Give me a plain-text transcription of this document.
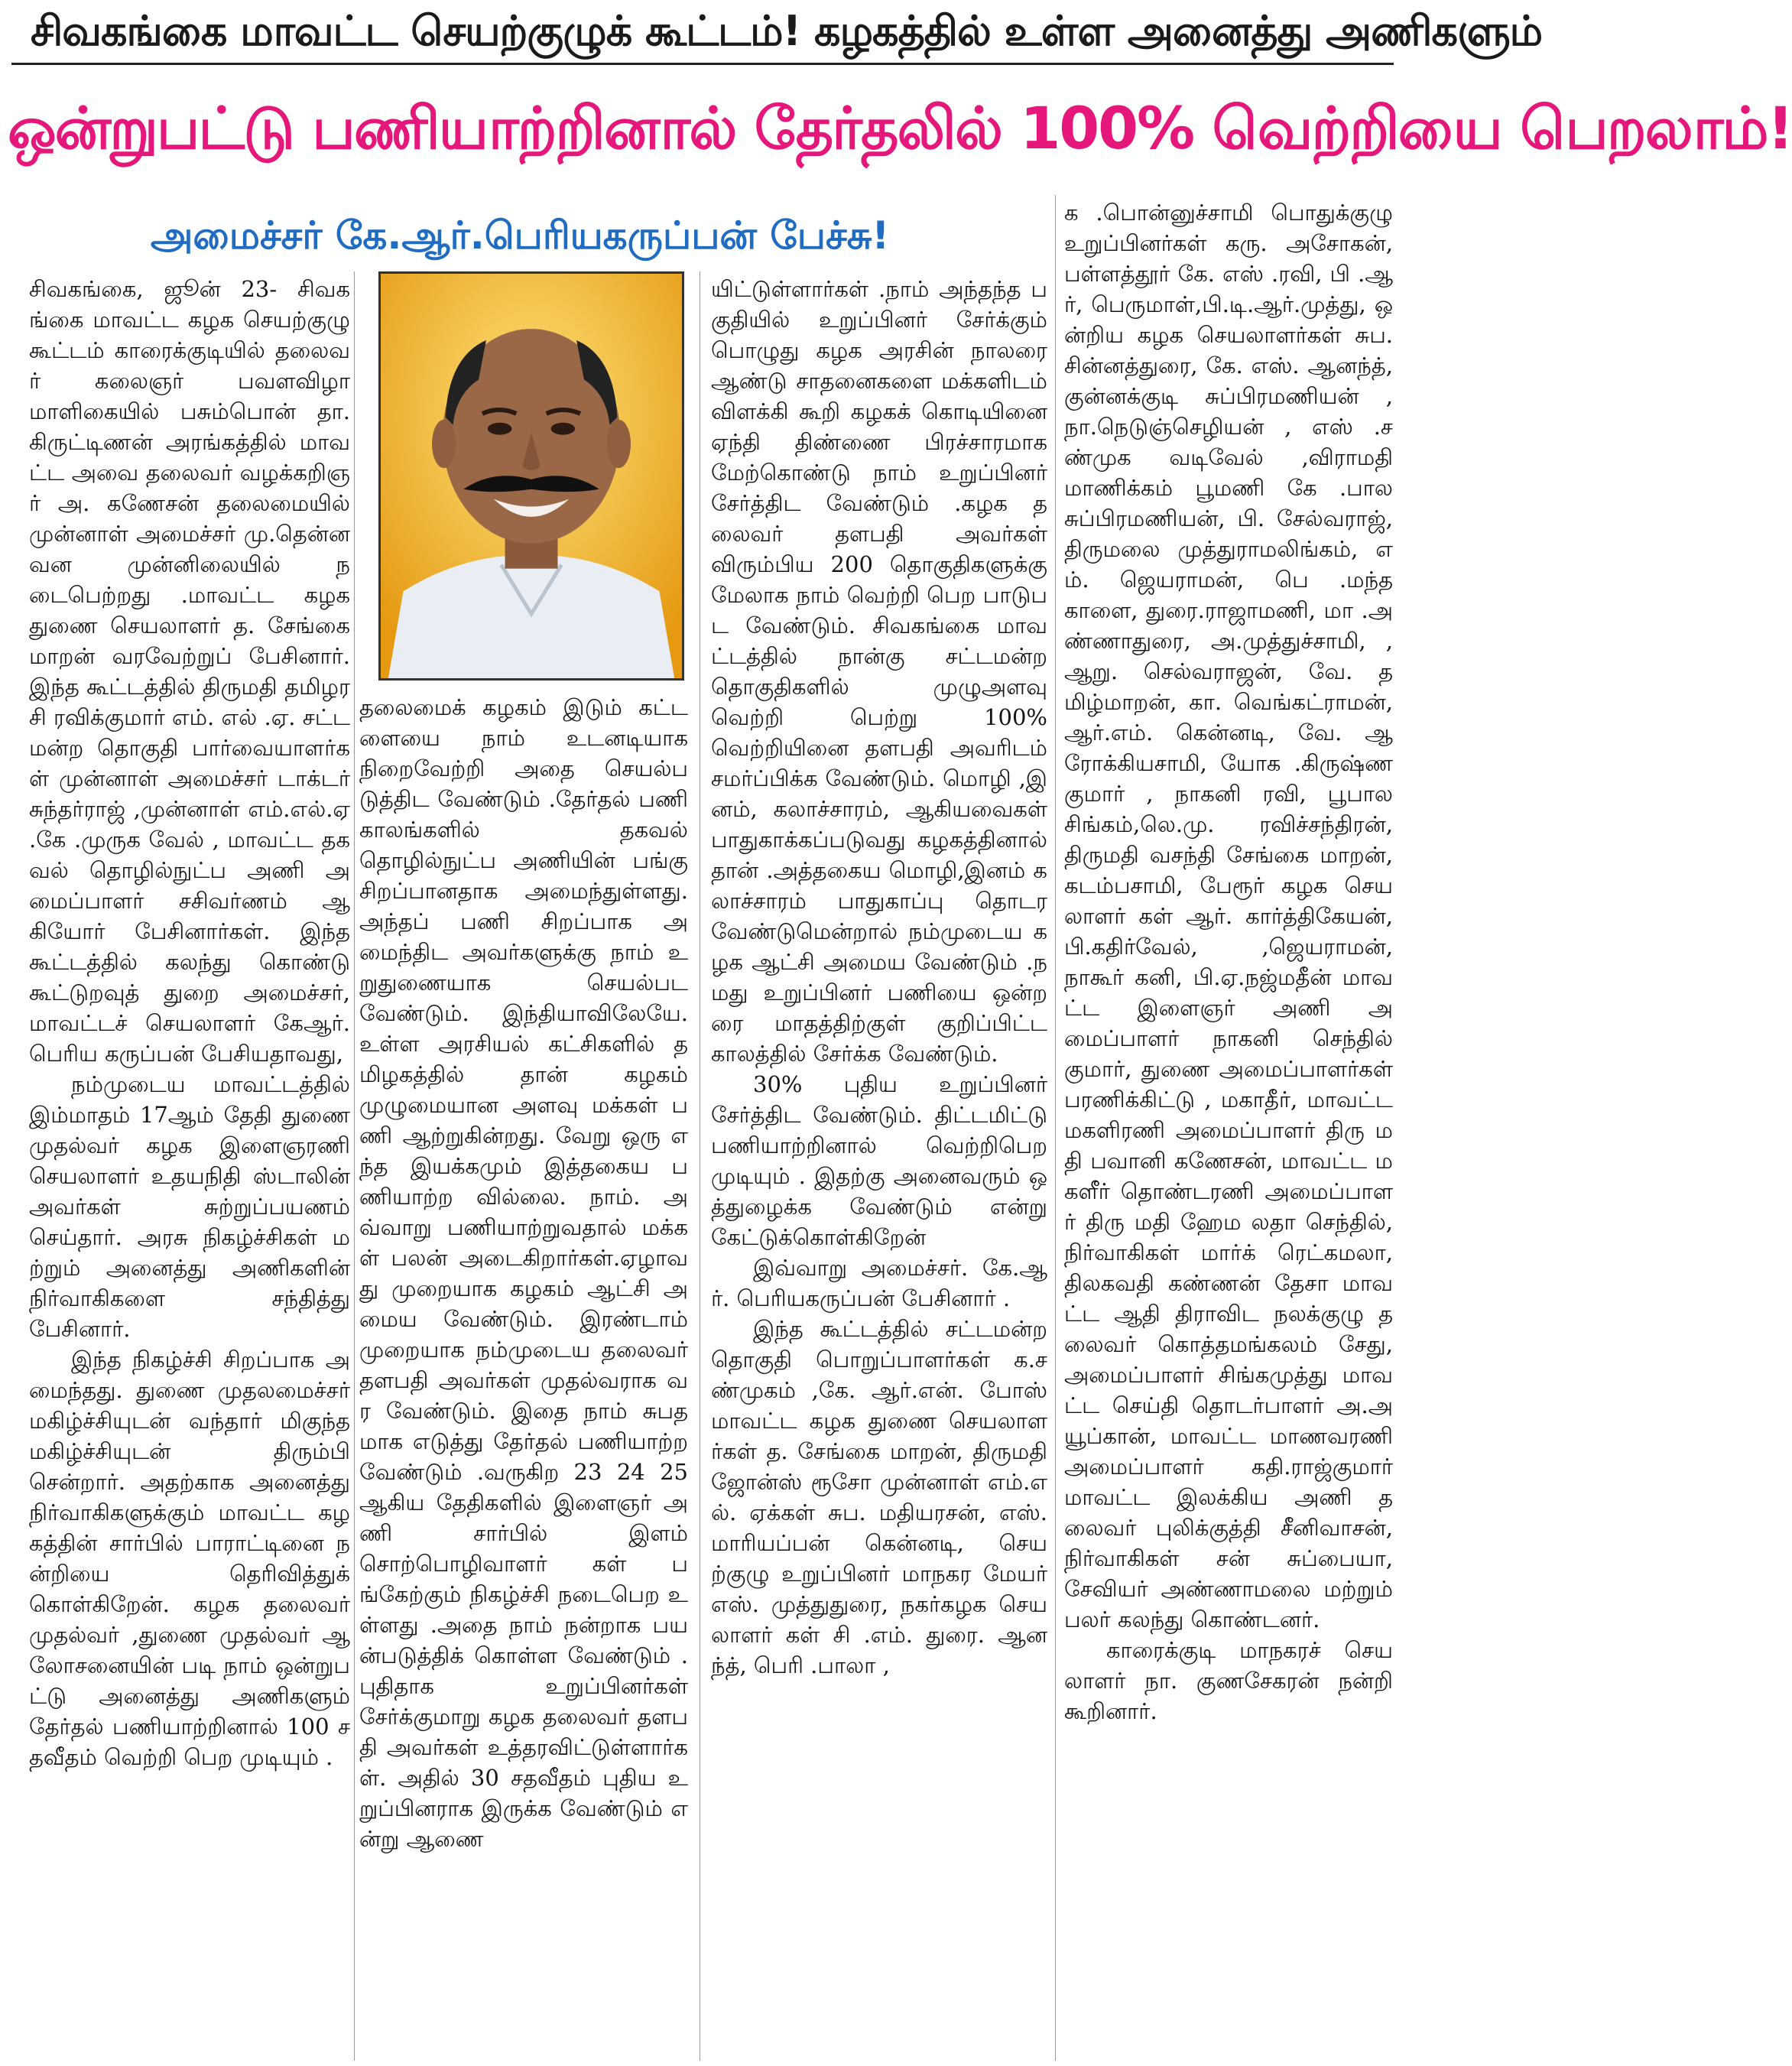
சிவகங்கை மாவட்ட செயற்குழுக் கூட்டம்! கழகத்தில் உள்ள அனைத்து அணிகளும்
ஒன்றுபட்டு பணியாற்றினால் தேர்தலில் 100% வெற்றியை பெறலாம்!
அமைச்சர் கே.ஆர்.பெரியகருப்பன் பேச்சு!

சிவகங்கை, ஜூன் 23- சிவகங்கை மாவட்ட கழக செயற்குழு கூட்டம் காரைக்குடியில் தலைவர் கலைஞர் பவளவிழா மாளிகையில் பசும்பொன் தா. கிருட்டிணன் அரங்கத்தில் மாவட்ட அவை தலைவர் வழக்கறிஞர் அ. கணேசன் தலைமையில் முன்னாள் அமைச்சர் மு.தென்னவன முன்னிலையில் நடைபெற்றது .மாவட்ட கழக துணை செயலாளர் த. சேங்கை மாறன் வரவேற்றுப் பேசினார். இந்த கூட்டத்தில் திருமதி தமிழரசி ரவிக்குமார் எம். எல் .ஏ. சட்ட மன்ற தொகுதி பார்வையாளர்கள் முன்னாள் அமைச்சர் டாக்டர் சுந்தர்ராஜ் ,முன்னாள் எம்.எல்.ஏ .கே .முருக வேல் , மாவட்ட தகவல் தொழில்நுட்ப அணி அமைப்பாளர் சசிவர்ணம் ஆகியோர் பேசினார்கள். இந்த கூட்டத்தில் கலந்து கொண்டு கூட்டுறவுத் துறை அமைச்சர், மாவட்டச் செயலாளர் கேஆர்.பெரிய கருப்பன் பேசியதாவது,

நம்முடைய மாவட்டத்தில் இம்மாதம் 17ஆம் தேதி துணை முதல்வர் கழக இளைஞரணி செயலாளர் உதயநிதி ஸ்டாலின் அவர்கள் சுற்றுப்பயணம் செய்தார். அரசு நிகழ்ச்சிகள் மற்றும் அனைத்து அணிகளின் நிர்வாகிகளை சந்தித்து பேசினார்.

இந்த நிகழ்ச்சி சிறப்பாக அமைந்தது. துணை முதலமைச்சர் மகிழ்ச்சியுடன் வந்தார் மிகுந்த மகிழ்ச்சியுடன் திரும்பி சென்றார். அதற்காக அனைத்து நிர்வாகிகளுக்கும் மாவட்ட கழகத்தின் சார்பில் பாராட்டினை நன்றியை தெரிவித்துக் கொள்கிறேன். கழக தலைவர் முதல்வர் ,துணை முதல்வர் ஆலோசனையின் படி நாம் ஒன்றுபட்டு அனைத்து அணிகளும் தேர்தல் பணியாற்றினால் 100 சதவீதம் வெற்றி பெற முடியும் .

தலைமைக் கழகம் இடும் கட்டளையை நாம் உடனடியாக நிறைவேற்றி அதை செயல்படுத்திட வேண்டும் .தேர்தல் பணி காலங்களில் தகவல் தொழில்நுட்ப அணியின் பங்கு சிறப்பானதாக அமைந்துள்ளது. அந்தப் பணி சிறப்பாக அமைந்திட அவர்களுக்கு நாம் உறுதுணையாக செயல்பட வேண்டும். இந்தியாவிலேயே. உள்ள அரசியல் கட்சிகளில் தமிழகத்தில் தான் கழகம் முழுமையான அளவு மக்கள் பணி ஆற்றுகின்றது. வேறு ஒரு எந்த இயக்கமும் இத்தகைய பணியாற்ற வில்லை. நாம். அவ்வாறு பணியாற்றுவதால் மக்கள் பலன் அடைகிறார்கள்.ஏழாவது முறையாக கழகம் ஆட்சி அமைய வேண்டும். இரண்டாம் முறையாக நம்முடைய தலைவர் தளபதி அவர்கள் முதல்வராக வர வேண்டும். இதை நாம் சுபதமாக எடுத்து தேர்தல் பணியாற்ற வேண்டும் .வருகிற 23 24 25 ஆகிய தேதிகளில் இளைஞர் அணி சார்பில் இளம் சொற்பொழிவாளர் கள் பங்கேற்கும் நிகழ்ச்சி நடைபெற உள்ளது .அதை நாம் நன்றாக பயன்படுத்திக் கொள்ள வேண்டும் .புதிதாக உறுப்பினர்கள் சேர்க்குமாறு கழக தலைவர் தளபதி அவர்கள் உத்தரவிட்டுள்ளார்கள். அதில் 30 சதவீதம் புதிய உறுப்பினராக இருக்க வேண்டும் என்று ஆணை

யிட்டுள்ளார்கள் .நாம் அந்தந்த பகுதியில் உறுப்பினர் சேர்க்கும் பொழுது கழக அரசின் நாலரை ஆண்டு சாதனைகளை மக்களிடம் விளக்கி கூறி கழகக் கொடியினை ஏந்தி திண்ணை பிரச்சாரமாக மேற்கொண்டு நாம் உறுப்பினர் சேர்த்திட வேண்டும் .கழக தலைவர் தளபதி அவர்கள் விரும்பிய 200 தொகுதிகளுக்கு மேலாக நாம் வெற்றி பெற பாடுபட வேண்டும். சிவகங்கை மாவட்டத்தில் நான்கு சட்டமன்ற தொகுதிகளில் முழுஅளவு வெற்றி பெற்று 100% வெற்றியினை தளபதி அவரிடம் சமர்ப்பிக்க வேண்டும். மொழி ,இனம், கலாச்சாரம், ஆகியவைகள் பாதுகாக்கப்படுவது கழகத்தினால் தான் .அத்தகைய மொழி,இனம் கலாச்சாரம் பாதுகாப்பு தொடர வேண்டுமென்றால் நம்முடைய கழக ஆட்சி அமைய வேண்டும் .நமது உறுப்பினர் பணியை ஒன்றரை மாதத்திற்குள் குறிப்பிட்ட காலத்தில் சேர்க்க வேண்டும்.

30% புதிய உறுப்பினர் சேர்த்திட வேண்டும். திட்டமிட்டு பணியாற்றினால் வெற்றிபெற முடியும் . இதற்கு அனைவரும் ஒத்துழைக்க வேண்டும் என்று கேட்டுக்கொள்கிறேன்

இவ்வாறு அமைச்சர். கே.ஆர். பெரியகருப்பன் பேசினார் .

இந்த கூட்டத்தில் சட்டமன்ற தொகுதி பொறுப்பாளர்கள் க.சண்முகம் ,கே. ஆர்.என். போஸ் மாவட்ட கழக துணை செயலாளர்கள் த. சேங்கை மாறன், திருமதி ஜோன்ஸ் ரூசோ முன்னாள் எம்.எல். ஏக்கள் சுப. மதியரசன், எஸ். மாரியப்பன் கென்னடி, செயற்குழு உறுப்பினர் மாநகர மேயர் எஸ். முத்துதுரை, நகர்கழக செயலாளர் கள் சி .எம். துரை. ஆனந்த், பெரி .பாலா ,

க .பொன்னுச்சாமி பொதுக்குழு உறுப்பினர்கள் கரு. அசோகன், பள்ளத்தூர் கே. எஸ் .ரவி, பி .ஆர், பெருமாள்,பி.டி.ஆர்.முத்து, ஒன்றிய கழக செயலாளர்கள் சுப. சின்னத்துரை, கே. எஸ். ஆனந்த், குன்னக்குடி சுப்பிரமணியன் , நா.நெடுஞ்செழியன் , எஸ் .சண்முக வடிவேல் ,விராமதி மாணிக்கம் பூமணி கே .பாலசுப்பிரமணியன், பி. சேல்வராஜ், திருமலை முத்துராமலிங்கம், எம். ஜெயராமன், பெ .மந்த காளை, துரை.ராஜாமணி, மா .அண்ணாதுரை, அ.முத்துச்சாமி, ,ஆறு. செல்வராஜன், வே. தமிழ்மாறன், கா. வெங்கட்ராமன், ஆர்.எம். கென்னடி, வே. ஆரோக்கியசாமி, யோக .கிருஷ்ணகுமார் , நாகனி ரவி, பூபால சிங்கம்,லெ.மு. ரவிச்சந்திரன்,திருமதி வசந்தி சேங்கை மாறன், கடம்பசாமி, பேரூர் கழக செயலாளர் கள் ஆர். கார்த்திகேயன், பி.கதிர்வேல், ,ஜெயராமன், நாகூர் கனி, பி.ஏ.நஜ்மதீன் மாவட்ட இளைஞர் அணி அமைப்பாளர் நாகனி செந்தில் குமார், துணை அமைப்பாளர்கள் பரணிக்கிட்டு , மகாதீர், மாவட்ட மகளிரணி அமைப்பாளர் திரு மதி பவானி கணேசன், மாவட்ட மகளீர் தொண்டரணி அமைப்பாளர் திரு மதி ஹேம லதா செந்தில், நிர்வாகிகள் மார்க் ரெட்கமலா,திலகவதி கண்ணன் தேசா மாவட்ட ஆதி திராவிட நலக்குழு தலைவர் கொத்தமங்கலம் சேது, அமைப்பாளர் சிங்கமுத்து மாவட்ட செய்தி தொடர்பாளர் அ.அயூப்கான், மாவட்ட மாணவரணி அமைப்பாளர் கதி.ராஜ்குமார் மாவட்ட இலக்கிய அணி தலைவர் புலிக்குத்தி சீனிவாசன், நிர்வாகிகள் சன் சுப்பையா, சேவியர் அண்ணாமலை மற்றும் பலர் கலந்து கொண்டனர்.

காரைக்குடி மாநகரச் செயலாளர் நா. குணசேகரன் நன்றி கூறினார்.
